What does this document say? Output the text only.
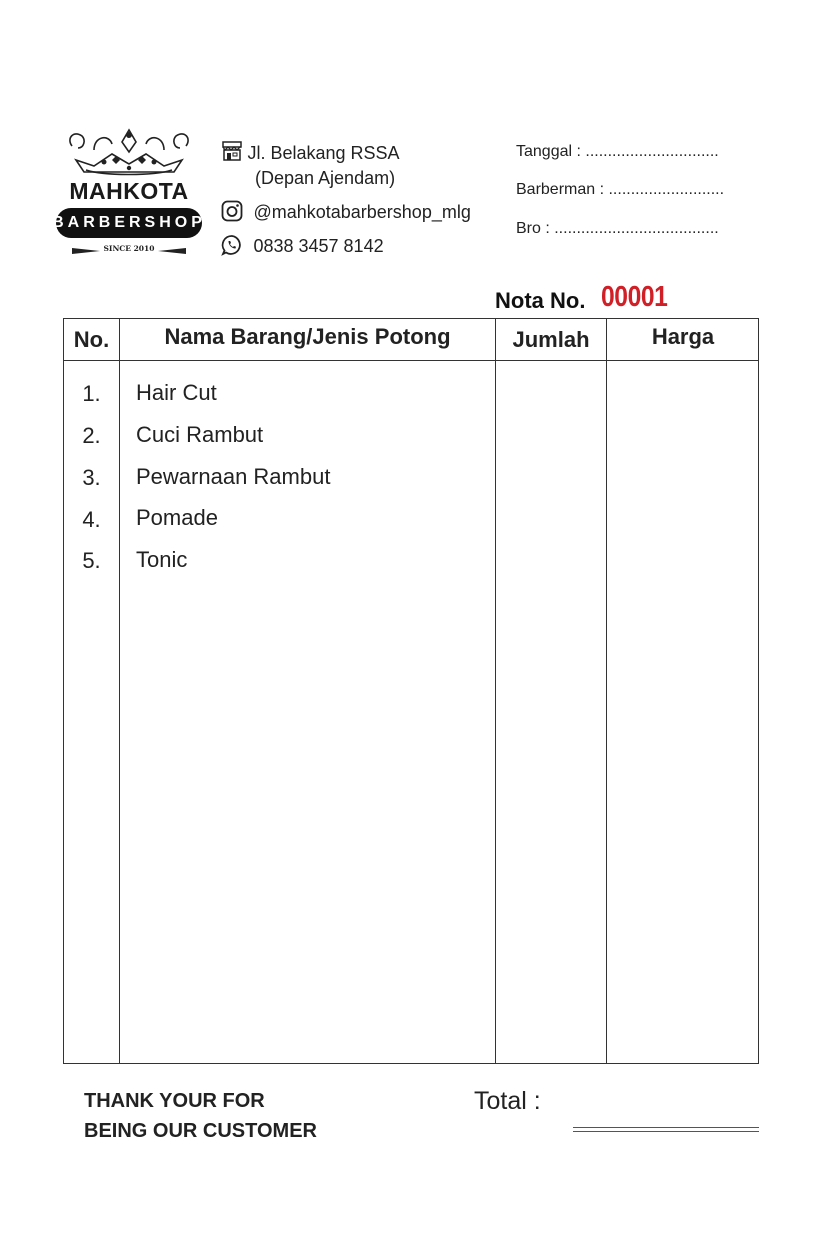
MAHKOTA
BARBERSHOP
SINCE 2010
Jl. Belakang RSSA
(Depan Ajendam)
@mahkotabarbershop_mlg
0838 3457 8142
Tanggal : ..............................
Barberman : ..........................
Bro : .....................................
Nota No. 00001
No.	Nama Barang/Jenis Potong	Jumlah	Harga
1.	Hair Cut
2.	Cuci Rambut
3.	Pewarnaan Rambut
4.	Pomade
5.	Tonic
THANK YOUR FOR
BEING OUR CUSTOMER
Total :
